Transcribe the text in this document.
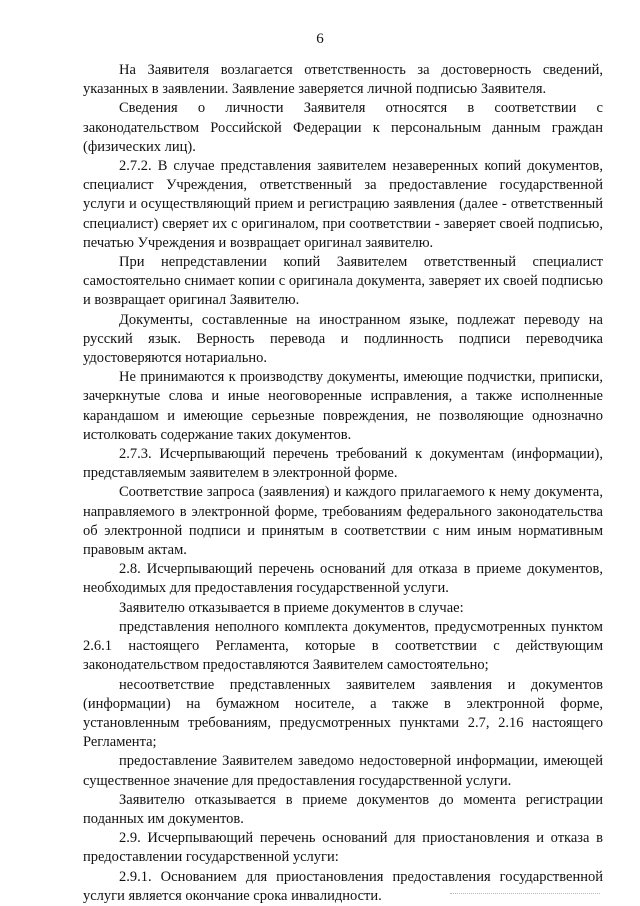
6

На Заявителя возлагается ответственность за достоверность сведений, указанных в заявлении. Заявление заверяется личной подписью Заявителя.

Сведения о личности Заявителя относятся в соответствии с законодательством Российской Федерации к персональным данным граждан (физических лиц).

2.7.2. В случае представления заявителем незаверенных копий документов, специалист Учреждения, ответственный за предоставление государственной услуги и осуществляющий прием и регистрацию заявления (далее - ответственный специалист) сверяет их с оригиналом, при соответствии - заверяет своей подписью, печатью Учреждения и возвращает оригинал заявителю.

При непредставлении копий Заявителем ответственный специалист самостоятельно снимает копии с оригинала документа, заверяет их своей подписью и возвращает оригинал Заявителю.

Документы, составленные на иностранном языке, подлежат переводу на русский язык. Верность перевода и подлинность подписи переводчика удостоверяются нотариально.

Не принимаются к производству документы, имеющие подчистки, приписки, зачеркнутые слова и иные неоговоренные исправления, а также исполненные карандашом и имеющие серьезные повреждения, не позволяющие однозначно истолковать содержание таких документов.

2.7.3. Исчерпывающий перечень требований к документам (информации), представляемым заявителем в электронной форме.

Соответствие запроса (заявления) и каждого прилагаемого к нему документа, направляемого в электронной форме, требованиям федерального законодательства об электронной подписи и принятым в соответствии с ним иным нормативным правовым актам.

2.8. Исчерпывающий перечень оснований для отказа в приеме документов, необходимых для предоставления государственной услуги.

Заявителю отказывается в приеме документов в случае:

представления неполного комплекта документов, предусмотренных пунктом 2.6.1 настоящего Регламента, которые в соответствии с действующим законодательством предоставляются Заявителем самостоятельно;

несоответствие представленных заявителем заявления и документов (информации) на бумажном носителе, а также в электронной форме, установленным требованиям, предусмотренных пунктами 2.7, 2.16 настоящего Регламента;

предоставление Заявителем заведомо недостоверной информации, имеющей существенное значение для предоставления государственной услуги.

Заявителю отказывается в приеме документов до момента регистрации поданных им документов.

2.9. Исчерпывающий перечень оснований для приостановления и отказа в предоставлении государственной услуги:

2.9.1. Основанием для приостановления предоставления государственной услуги является окончание срока инвалидности.
